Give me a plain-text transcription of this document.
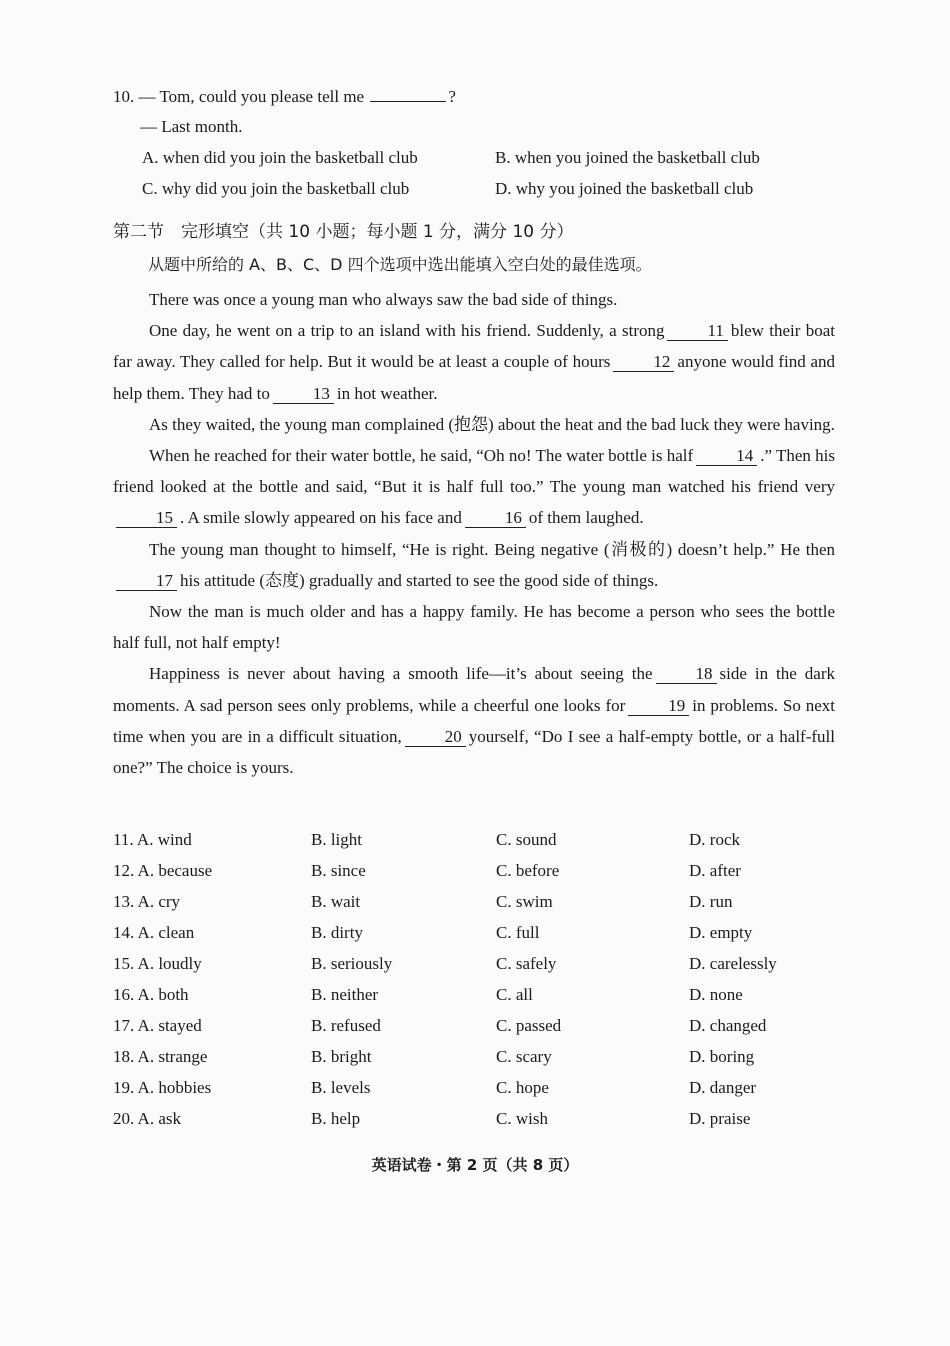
10. — Tom, could you please tell me	?
— Last month.
A. when did you join the basketball club	B. when you joined the basketball club
C. why did you join the basketball club	D. why you joined the basketball club
第二节　完形填空（共 10 小题；每小题 1 分，满分 10 分）
从题中所给的 A、B、C、D 四个选项中选出能填入空白处的最佳选项。

There was once a young man who always saw the bad side of things.

One day, he went on a trip to an island with his friend. Suddenly, a strong	11 blew their boat far away. They called for help. But it would be at least a couple of hours	12 anyone would find and help them. They had to	13 in hot weather.

As they waited, the young man complained (抱怨) about the heat and the bad luck they were having.

When he reached for their water bottle, he said, “Oh no! The water bottle is half	14 .” Then his friend looked at the bottle and said, “But it is half full too.” The young man watched his friend very15 . A smile slowly appeared on his face and	16 of them laughed.

The young man thought to himself, “He is right. Being negative (消极的) doesn’t help.” He then17 his attitude (态度) gradually and started to see the good side of things.

Now the man is much older and has a happy family. He has become a person who sees the bottle half full, not half empty!

Happiness is never about having a smooth life—it’s about seeing the	18 side in the dark moments. A sad person sees only problems, while a cheerful one looks for	19 in problems. So next time when you are in a difficult situation,	20 yourself, “Do I see a half-empty bottle, or a half-full one?” The choice is yours.

11. A. wind	B. light	C. sound	D. rock
12. A. because	B. since	C. before	D. after
13. A. cry	B. wait	C. swim	D. run
14. A. clean	B. dirty	C. full	D. empty
15. A. loudly	B. seriously	C. safely	D. carelessly
16. A. both	B. neither	C. all	D. none
17. A. stayed	B. refused	C. passed	D. changed
18. A. strange	B. bright	C. scary	D. boring
19. A. hobbies	B. levels	C. hope	D. danger
20. A. ask	B. help	C. wish	D. praise
英语试卷・第 2 页（共 8 页）
